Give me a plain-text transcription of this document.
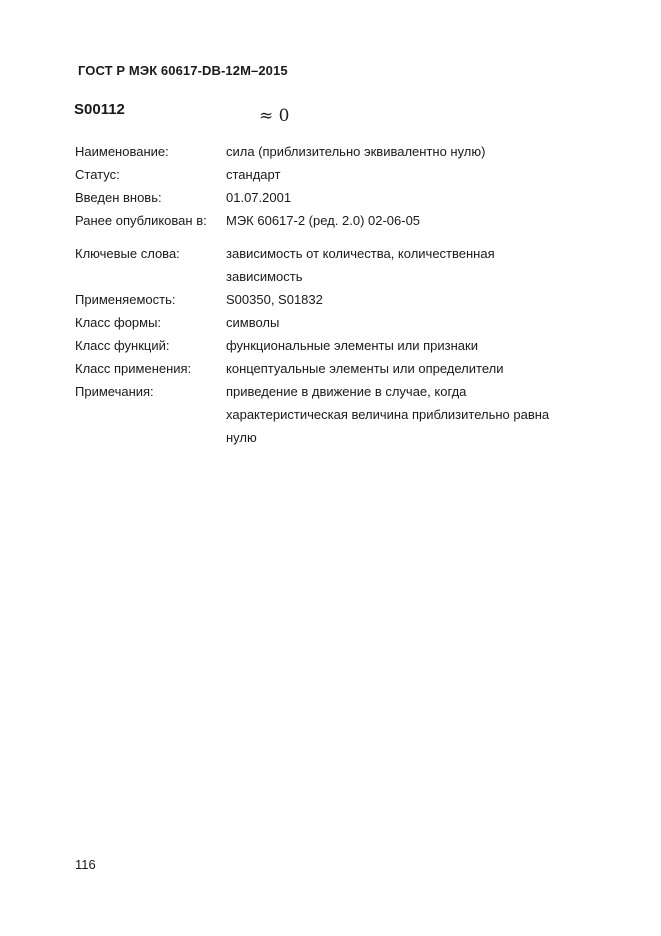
ГОСТ Р МЭК 60617-DB-12M–2015
S00112	≈ 0
Наименование:	сила (приблизительно эквивалентно нулю)
Статус:	стандарт
Введен вновь:	01.07.2001
Ранее опубликован в:	МЭК 60617-2 (ред. 2.0) 02-06-05
Ключевые слова:	зависимость от количества, количественная
зависимость
Применяемость:	S00350, S01832
Класс формы:	символы
Класс функций:	функциональные элементы или признаки
Класс применения:	концептуальные элементы или определители
Примечания:	приведение в движение в случае, когда
характеристическая величина приблизительно равна
нулю
116
